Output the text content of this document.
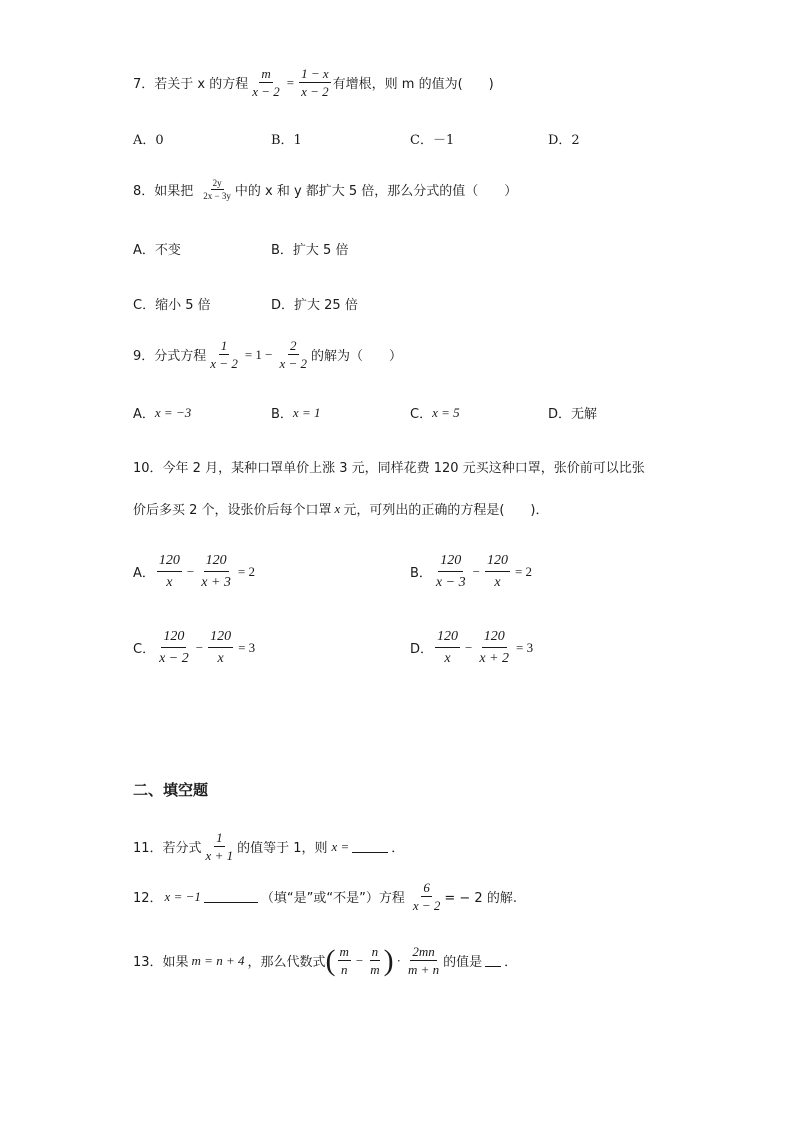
7．若关于 x 的方程 $\frac{m}{x - 2} = \frac{1 - x}{x - 2}$ 有增根，则 m 的值为(　　)
A．0	B．1	C．－1	D．2
8．如果把 $\frac{2y}{2x - 3y}$ 中的 x 和 y 都扩大 5 倍，那么分式的值（　　）
A．不变	B．扩大 5 倍
C．缩小 5 倍	D．扩大 25 倍
9．分式方程 $\frac{1}{x - 2} = 1 - \frac{2}{x - 2}$ 的解为（　　）
A． x = −3	B． x = 1	C． x = 5	D． 无解
10．今年 2 月，某种口罩单价上涨 3 元，同样花费 120 元买这种口罩，张价前可以比张
价后多买 2 个，设张价后每个口罩 x 元，可列出的正确的方程是(　　)．
A． $\frac{120}{x} - \frac{120}{x + 3} = 2$	B． $\frac{120}{x - 3} - \frac{120}{x} = 2$
C． $\frac{120}{x - 2} - \frac{120}{x} = 3$	D． $\frac{120}{x} - \frac{120}{x + 2} = 3$
二、填空题
11．若分式 $\frac{1}{x + 1}$ 的值等于 1，则 x =	．
12． x = −1	（填“是”或“不是”）方程 $\frac{6}{x - 2}$ = − 2 的解.
13．如果 m = n + 4 ，那么代数式 ( $\frac{m}{n} - \frac{n}{m}$ ) · $\frac{2mn}{m + n}$ 的值是 ．
